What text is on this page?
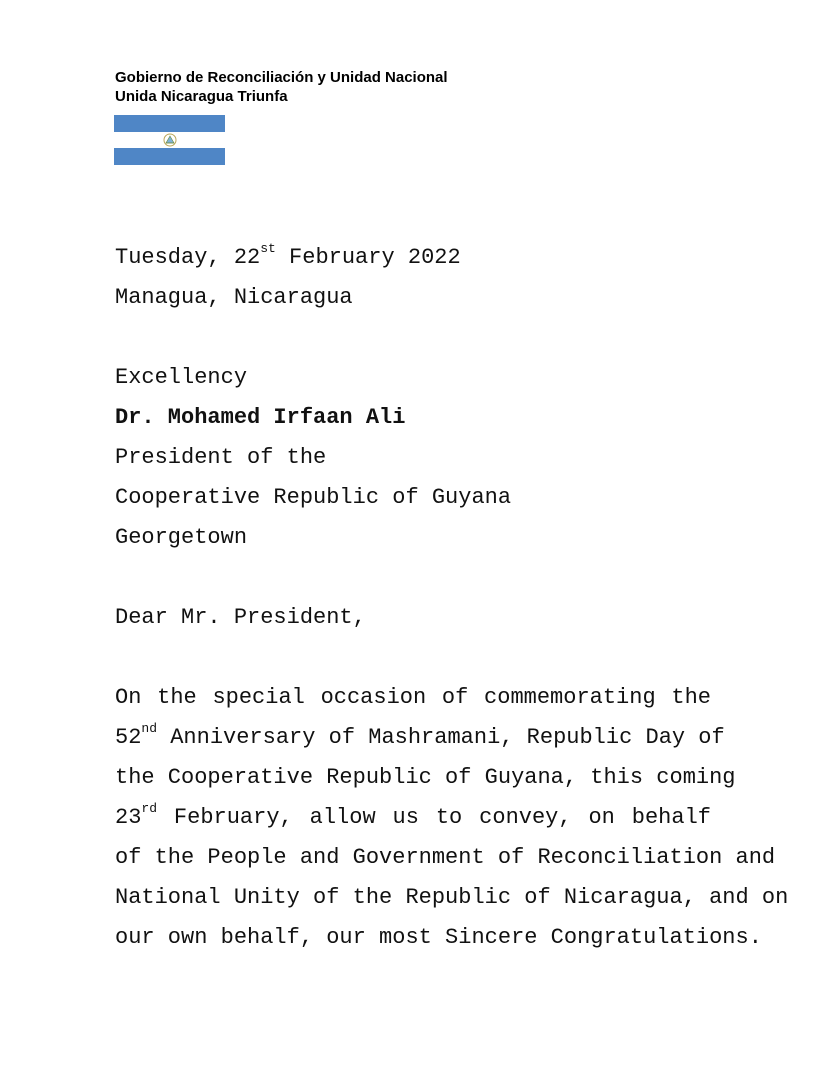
Gobierno de Reconciliación y Unidad Nacional
Unida Nicaragua Triunfa
Tuesday, 22st February 2022
Managua, Nicaragua
Excellency
Dr. Mohamed Irfaan Ali
President of the
Cooperative Republic of Guyana
Georgetown
Dear Mr. President,
On the special occasion of commemorating the
52nd Anniversary of Mashramani, Republic Day of
the Cooperative Republic of Guyana, this coming
23rd February, allow us to convey, on behalf
of the People and Government of Reconciliation and
National Unity of the Republic of Nicaragua, and on
our own behalf, our most Sincere Congratulations.
